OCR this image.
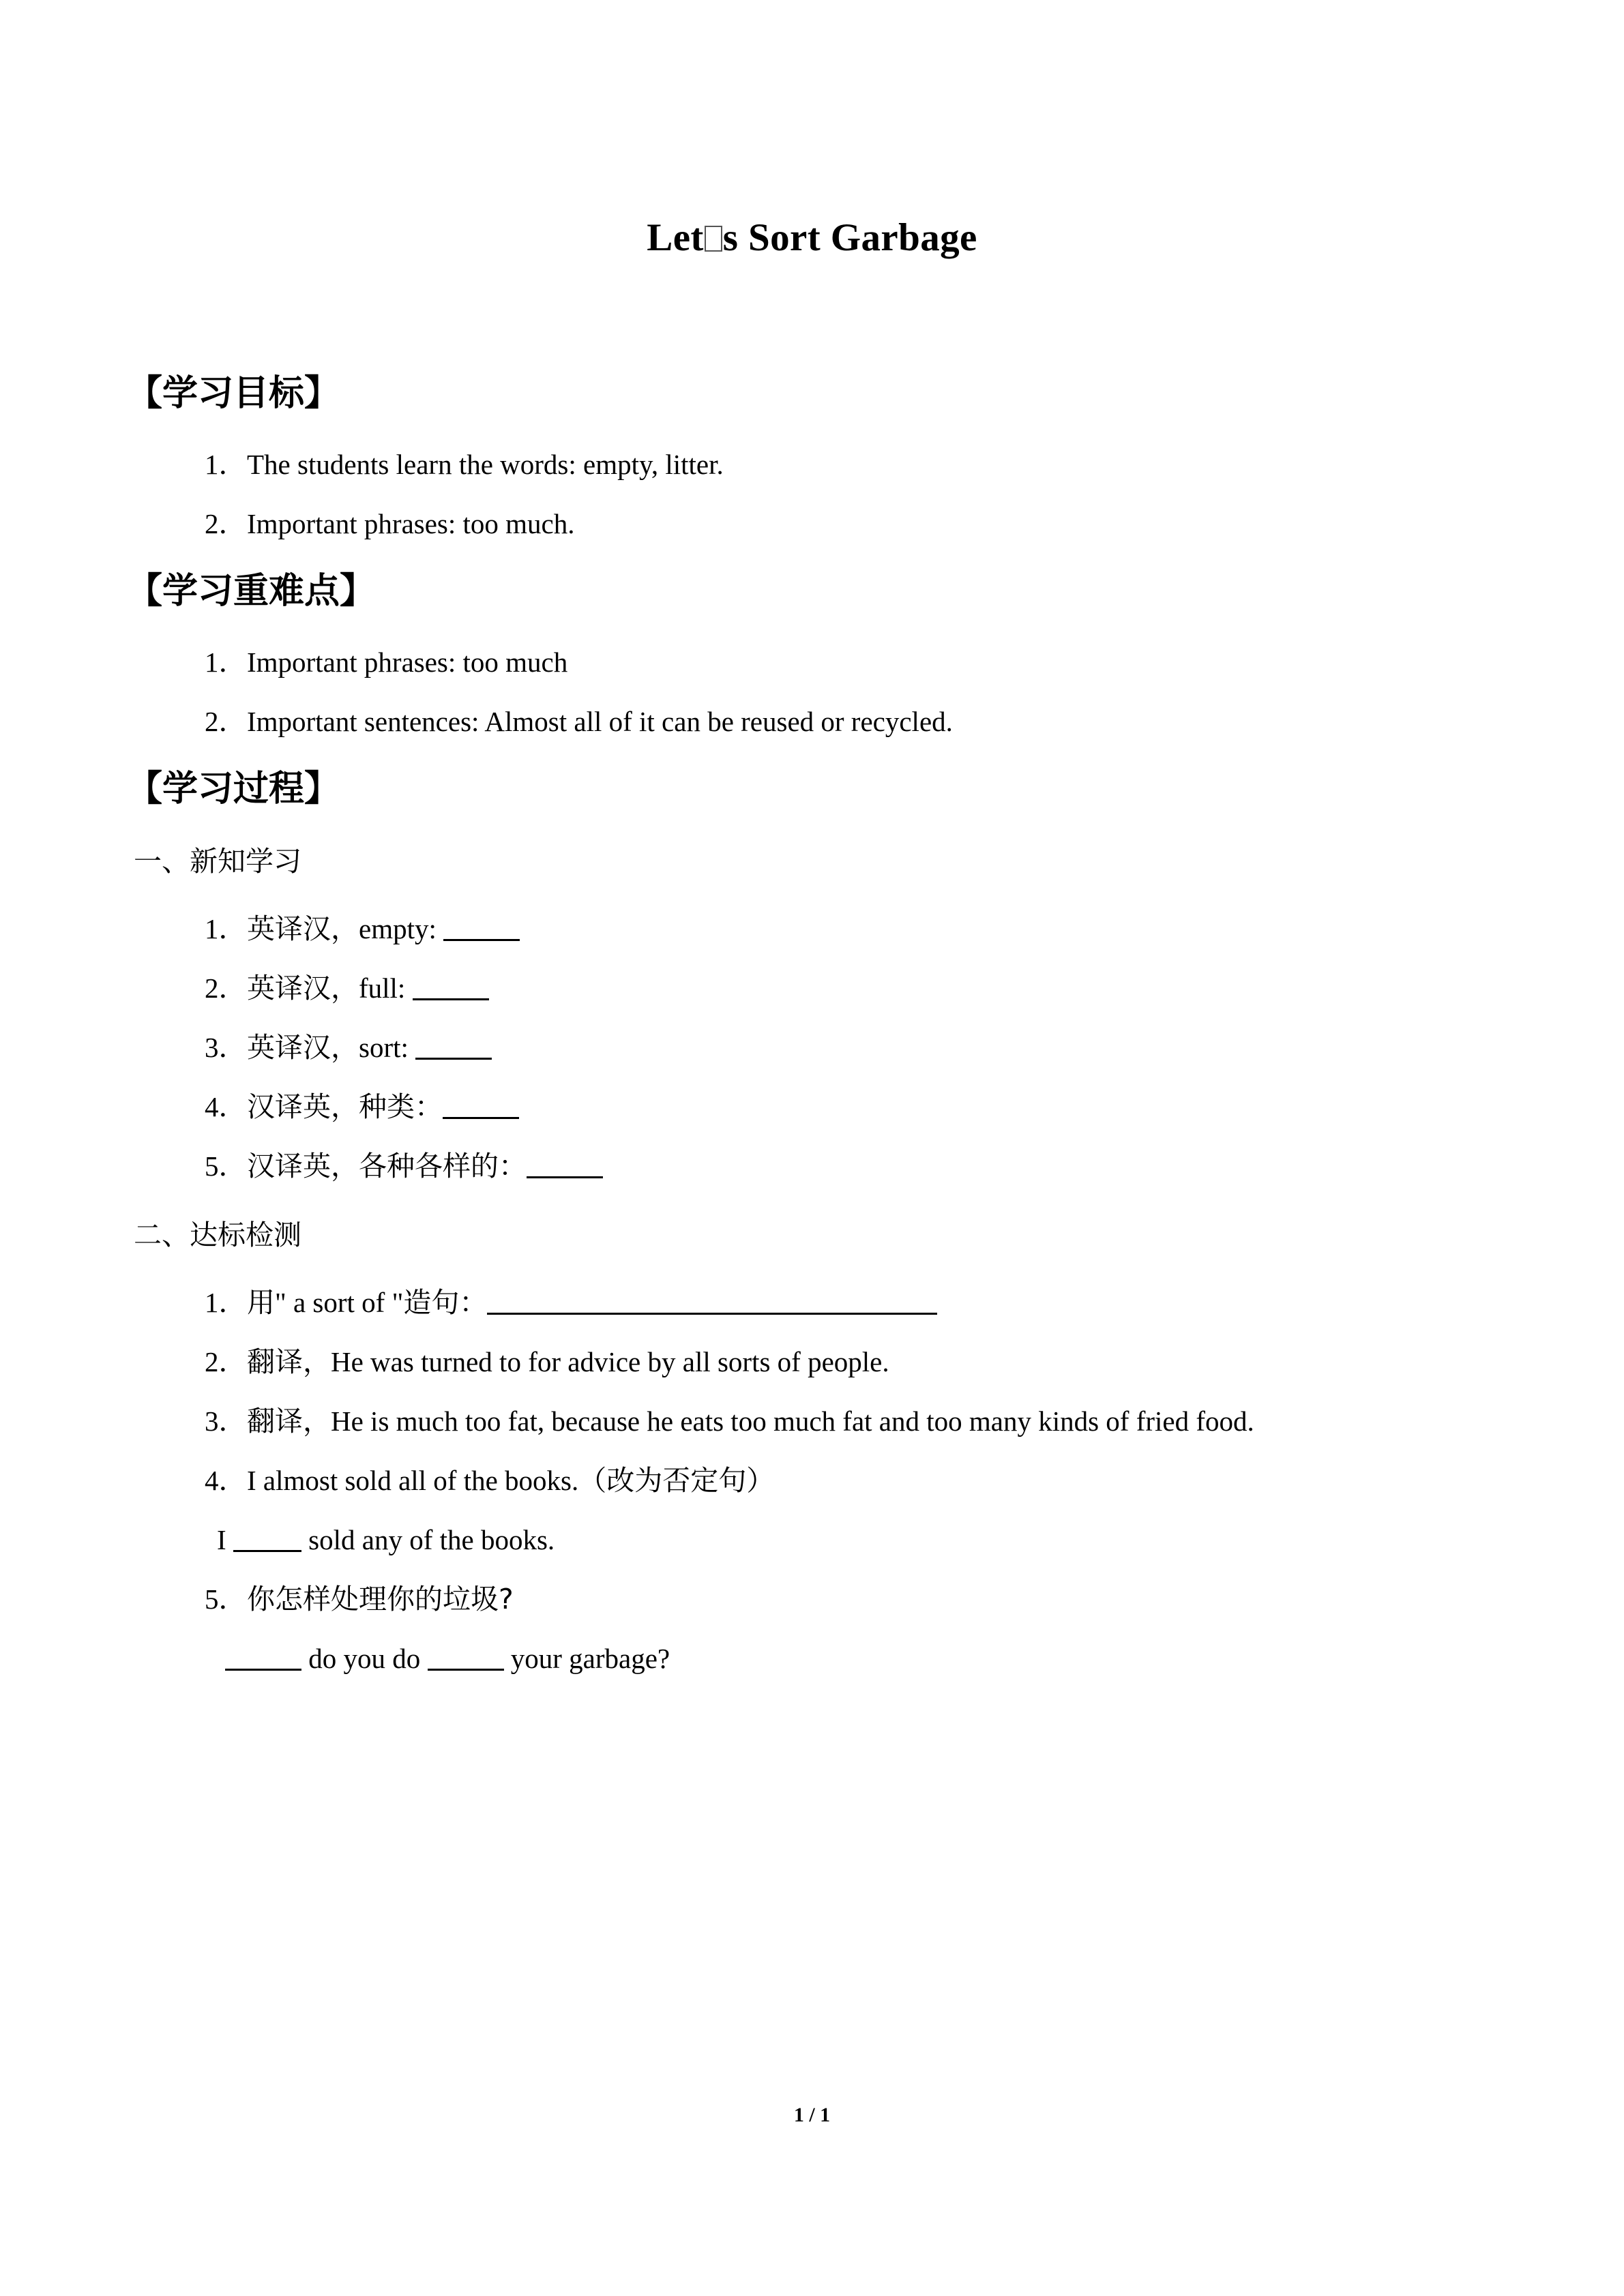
Let s Sort Garbage
【学习目标】

1．The students learn the words: empty, litter.

2．Important phrases: too much.

【学习重难点】

1．Important phrases: too much

2．Important sentences: Almost all of it can be reused or recycled.

【学习过程】

一、新知学习

1．英译汉，empty:

2．英译汉，full:

3．英译汉，sort:

4．汉译英，种类：

5．汉译英，各种各样的：

二、达标检测

1．用" a sort of "造句：

2．翻译，He was turned to for advice by all sorts of people.

3．翻译，He is much too fat, because he eats too much fat and too many kinds of fried food.

4．I almost sold all of the books.（改为否定句）

I  sold any of the books.

5．你怎样处理你的垃圾?

do you do	your garbage?

1 / 1
